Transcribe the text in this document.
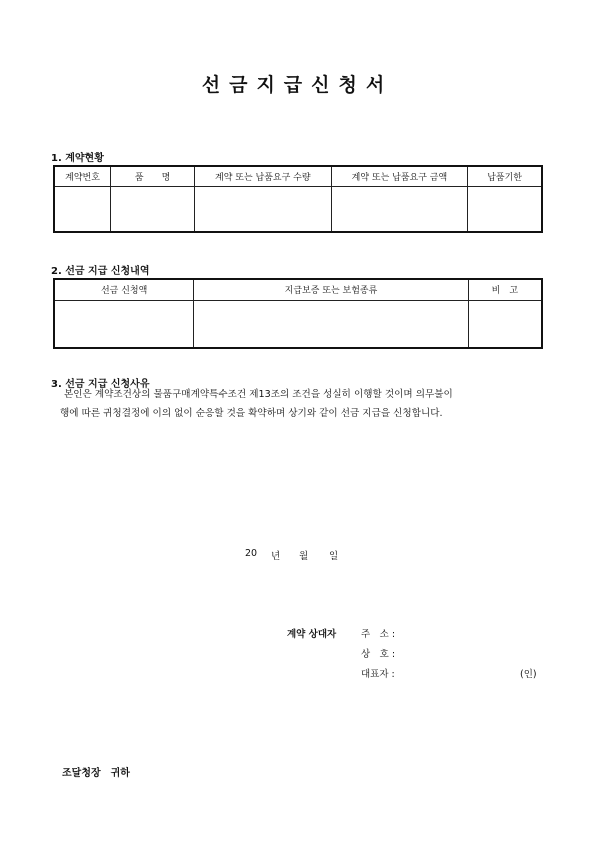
선금지급신청서
1. 계약현황
계약번호	품　　명	계약 또는 납품요구 수량	계약 또는 납품요구 금액	납품기한

2. 선금 지급 신청내역
선금 신청액	지급보증 또는 보험종류	비　고

3. 선금 지급 신청사유
본인은 계약조건상의 물품구매계약특수조건 제13조의 조건을 성실히 이행할 것이며 의무불이
행에 따른 귀청결정에 이의 없이 순응할 것을 확약하며 상기와 같이 선금 지급을 신청합니다.
20 년 월 일
계약 상대자	주　소 :
상　호 :
대표자 :	(인)
조달청장　귀하
